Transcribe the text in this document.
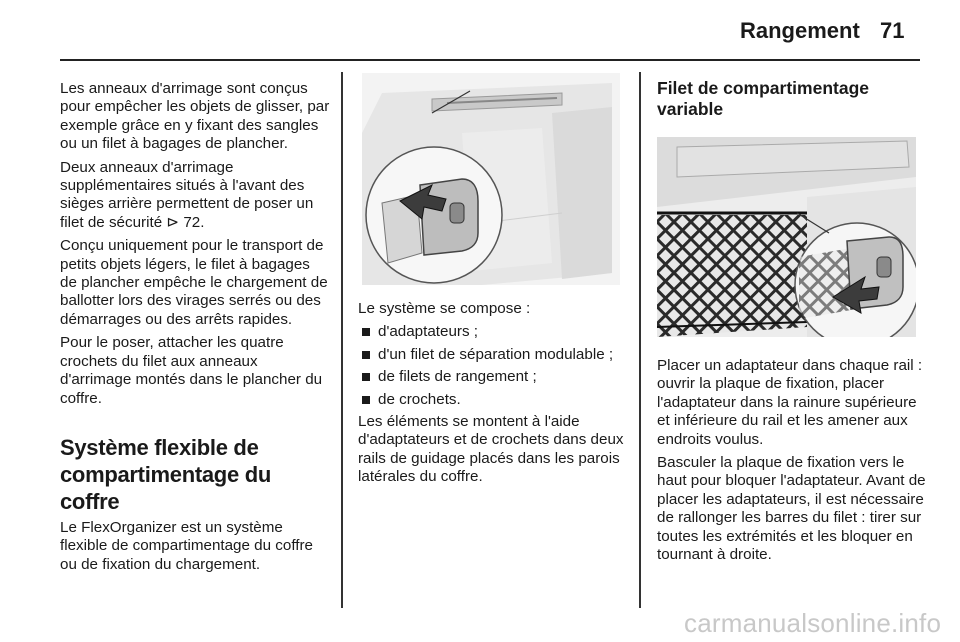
Rangement 71

Les anneaux d'arrimage sont conçus pour empêcher les objets de glisser, par exemple grâce en y fixant des sangles ou un filet à bagages de plancher.

Deux anneaux d'arrimage supplémentaires situés à l'avant des sièges arrière permettent de poser un filet de sécurité ⊳ 72.

Conçu uniquement pour le transport de petits objets légers, le filet à bagages de plancher empêche le chargement de ballotter lors des virages serrés ou des démarrages ou des arrêts rapides.

Pour le poser, attacher les quatre crochets du filet aux anneaux d'arrimage montés dans le plancher du coffre.

Système flexible de compartimentage du coffre

Le FlexOrganizer est un système flexible de compartimentage du coffre ou de fixation du chargement.

Le système se compose :

d'adaptateurs ;
d'un filet de séparation modulable ;
de filets de rangement ;
de crochets.

Les éléments se montent à l'aide d'adaptateurs et de crochets dans deux rails de guidage placés dans les parois latérales du coffre.

Filet de compartimentage variable

Placer un adaptateur dans chaque rail : ouvrir la plaque de fixation, placer l'adaptateur dans la rainure supérieure et inférieure du rail et les amener aux endroits voulus.

Basculer la plaque de fixation vers le haut pour bloquer l'adaptateur. Avant de placer les adaptateurs, il est nécessaire de rallonger les barres du filet : tirer sur toutes les extrémités et les bloquer en tournant à droite.

carmanualsonline.info
